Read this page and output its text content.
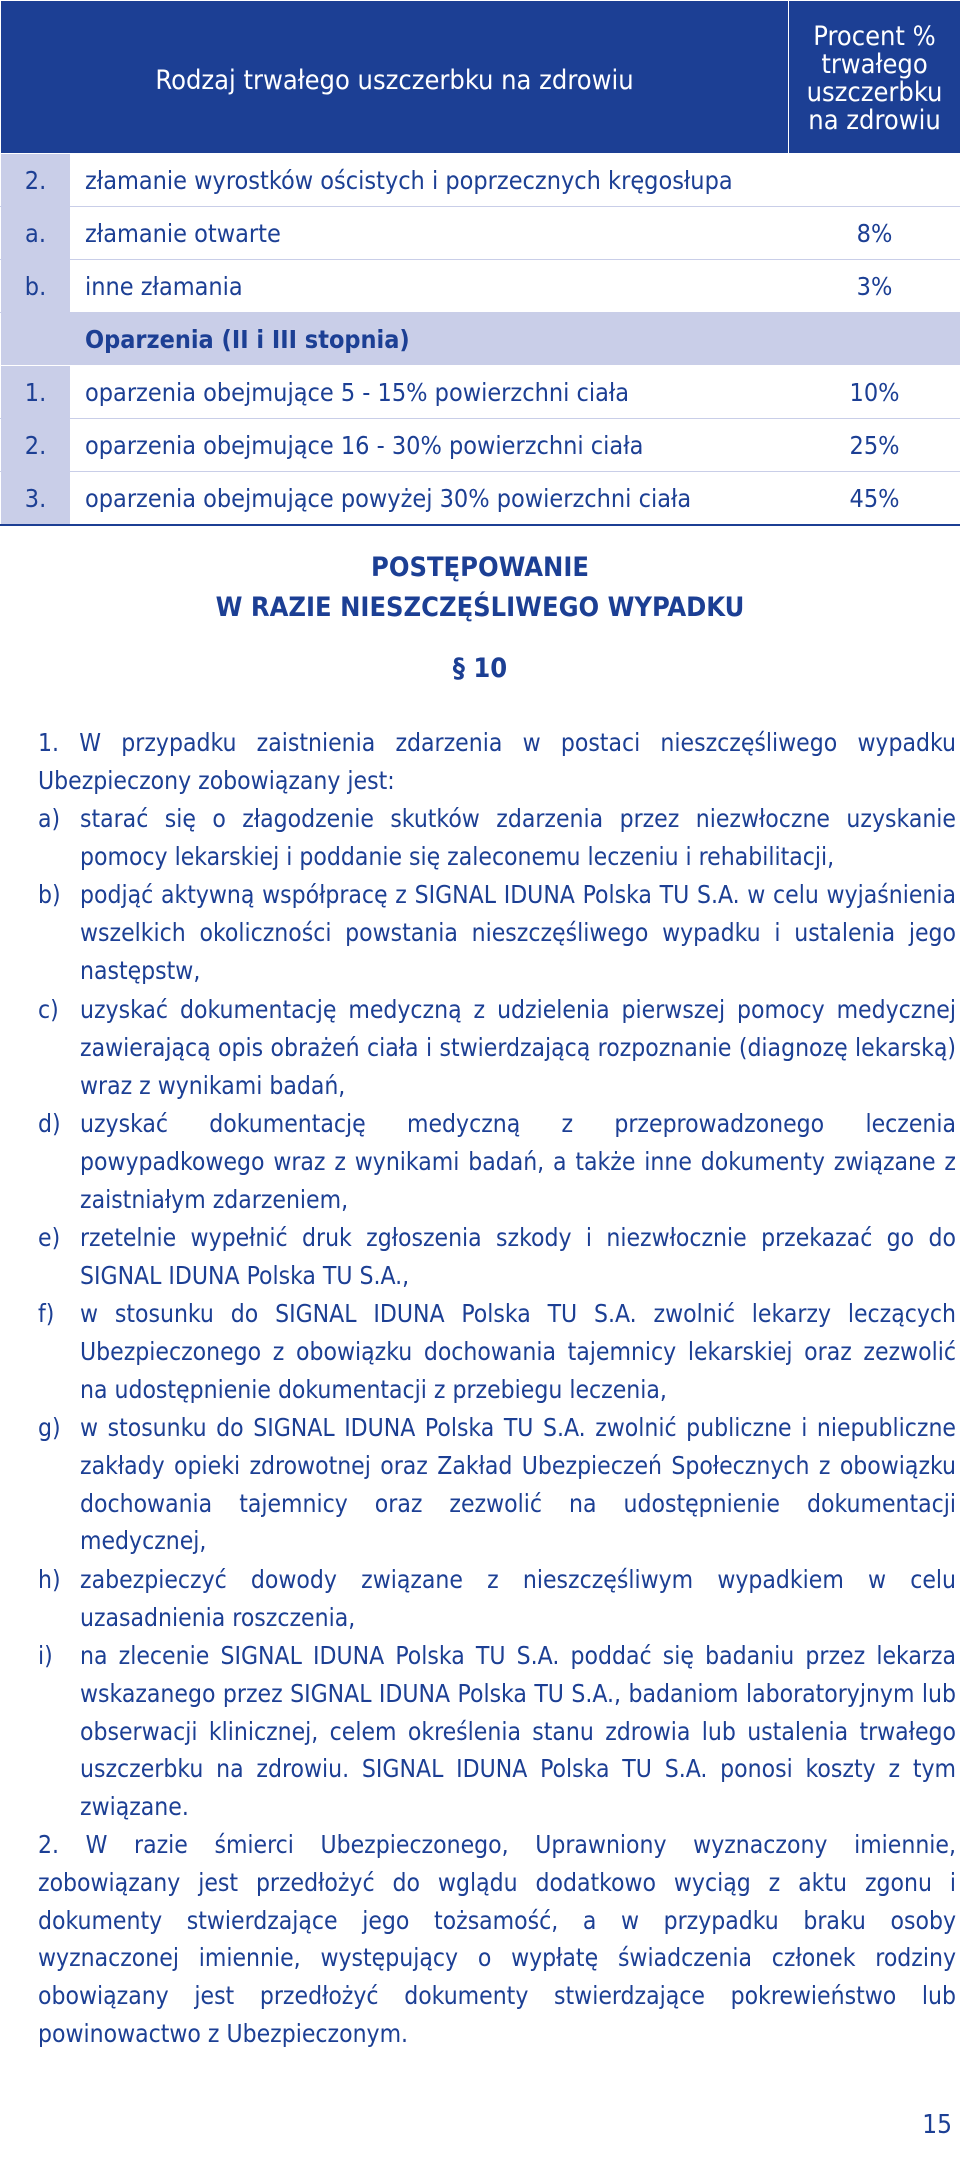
Rodzaj trwałego uszczerbku na zdrowiu		Procent % trwałego uszczerbku na zdrowiu
2.	złamanie wyrostków ościstych i poprzecznych kręgosłupa	
a.	złamanie otwarte	8%
b.	inne złamania	3%
Oparzenia (II i III stopnia)		
1.	oparzenia obejmujące 5 - 15% powierzchni ciała	10%
2.	oparzenia obejmujące 16 - 30% powierzchni ciała	25%
3.	oparzenia obejmujące powyżej 30% powierzchni ciała	45%
POSTĘPOWANIE
W RAZIE NIESZCZĘŚLIWEGO WYPADKU
§ 10
1. W przypadku zaistnienia zdarzenia w postaci nieszczęśliwego wypadku Ubezpieczony zobowiązany jest:
a) starać się o złagodzenie skutków zdarzenia przez niezwłoczne uzyskanie pomocy lekarskiej i poddanie się zaleconemu leczeniu i rehabilitacji,
b) podjąć aktywną współpracę z SIGNAL IDUNA Polska TU S.A. w celu wyjaśnienia wszelkich okoliczności powstania nieszczęśliwego wypadku i ustalenia jego następstw,
c) uzyskać dokumentację medyczną z udzielenia pierwszej pomocy medycznej zawierającą opis obrażeń ciała i stwierdzającą rozpoznanie (diagnozę lekarską) wraz z wynikami badań,
d) uzyskać dokumentację medyczną z przeprowadzonego leczenia powypadkowego wraz z wynikami badań, a także inne dokumenty związane z zaistniałym zdarzeniem,
e) rzetelnie wypełnić druk zgłoszenia szkody i niezwłocznie przekazać go do SIGNAL IDUNA Polska TU S.A.,
f) w stosunku do SIGNAL IDUNA Polska TU S.A. zwolnić lekarzy leczących Ubezpieczonego z obowiązku dochowania tajemnicy lekarskiej oraz zezwolić na udostępnienie dokumentacji z przebiegu leczenia,
g) w stosunku do SIGNAL IDUNA Polska TU S.A. zwolnić publiczne i niepubliczne zakłady opieki zdrowotnej oraz Zakład Ubezpieczeń Społecznych z obowiązku dochowania tajemnicy oraz zezwolić na udostępnienie dokumentacji medycznej,
h) zabezpieczyć dowody związane z nieszczęśliwym wypadkiem w celu uzasadnienia roszczenia,
i) na zlecenie SIGNAL IDUNA Polska TU S.A. poddać się badaniu przez lekarza wskazanego przez SIGNAL IDUNA Polska TU S.A., badaniom laboratoryjnym lub obserwacji klinicznej, celem określenia stanu zdrowia lub ustalenia trwałego uszczerbku na zdrowiu. SIGNAL IDUNA Polska TU S.A. ponosi koszty z tym związane.
2. W razie śmierci Ubezpieczonego, Uprawniony wyznaczony imiennie, zobowiązany jest przedłożyć do wglądu dodatkowo wyciąg z aktu zgonu i dokumenty stwierdzające jego tożsamość, a w przypadku braku osoby wyznaczonej imiennie, występujący o wypłatę świadczenia członek rodziny obowiązany jest przedłożyć dokumenty stwierdzające pokrewieństwo lub powinowactwo z Ubezpieczonym.
15
